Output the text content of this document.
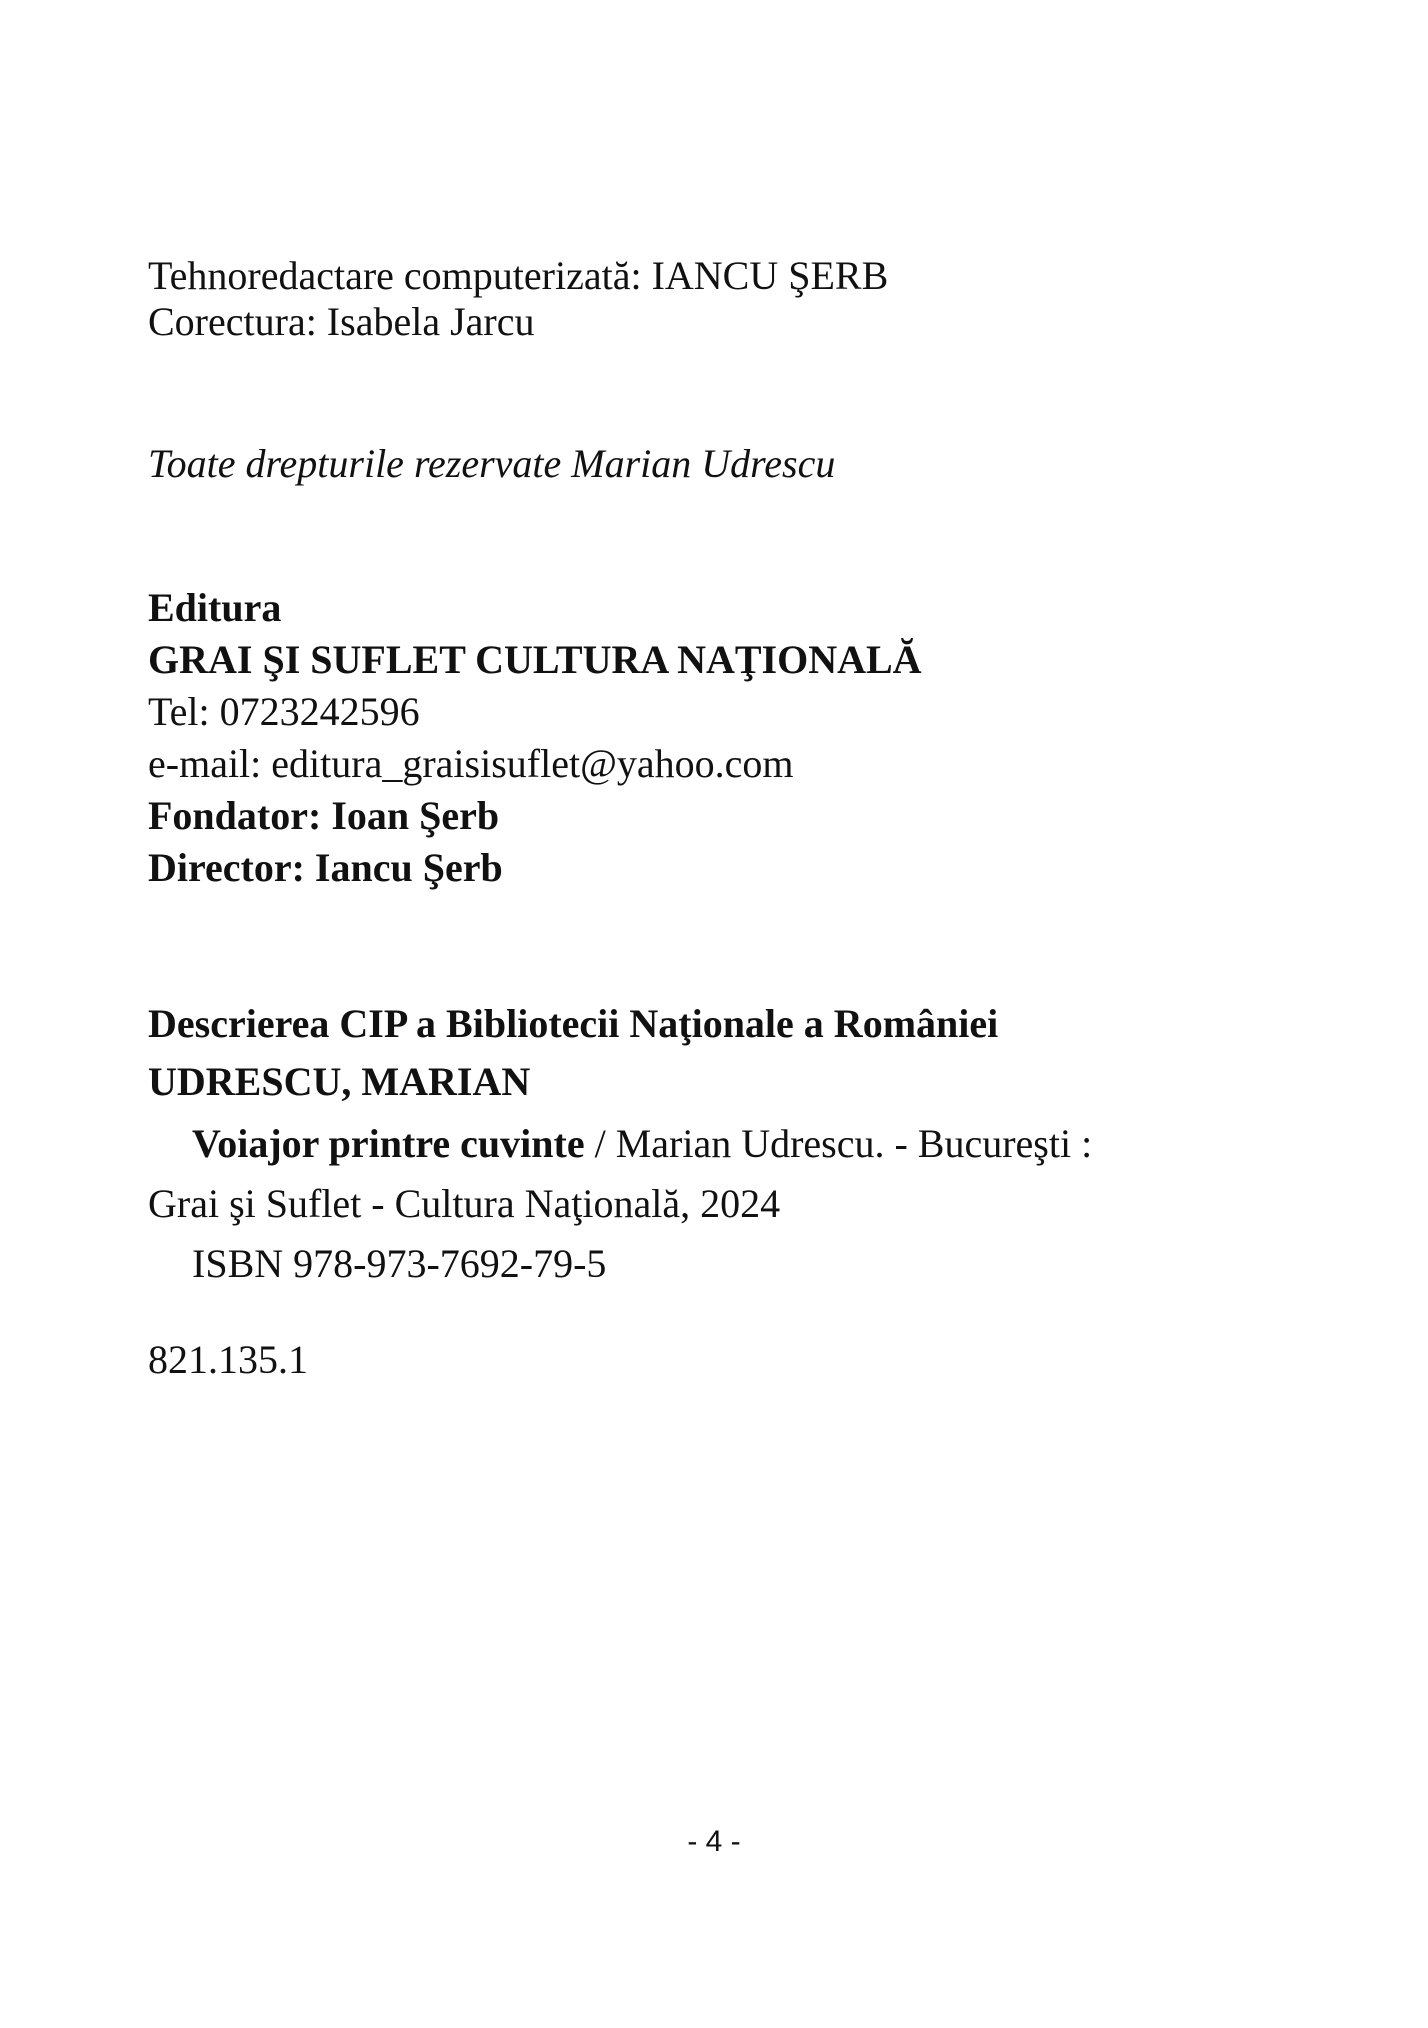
Tehnoredactare computerizată: IANCU ŞERB
Corectura: Isabela Jarcu
Toate drepturile rezervate Marian Udrescu
Editura
GRAI ŞI SUFLET CULTURA NAŢIONALĂ
Tel: 0723242596
e-mail: editura_graisisuflet@yahoo.com
Fondator: Ioan Şerb
Director: Iancu Şerb
Descrierea CIP a Bibliotecii Naţionale a României
UDRESCU, MARIAN
Voiajor printre cuvinte / Marian Udrescu. - Bucureşti :
Grai şi Suflet - Cultura Naţională, 2024
ISBN 978-973-7692-79-5
821.135.1
- 4 -
